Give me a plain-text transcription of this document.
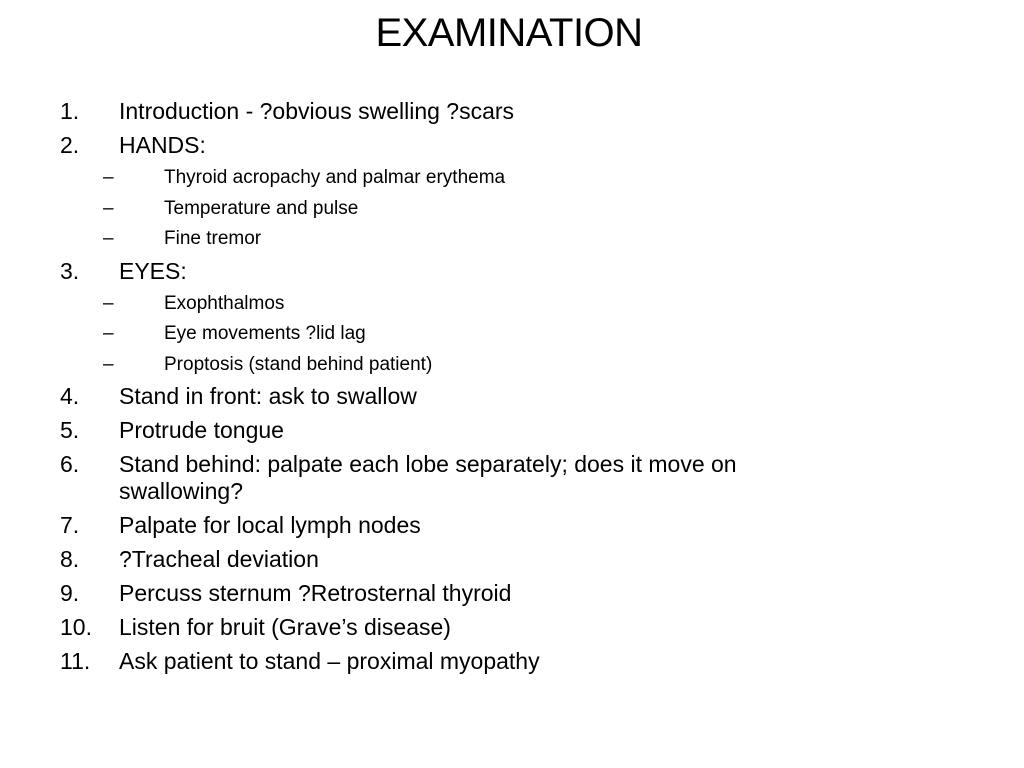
EXAMINATION
1.	Introduction - ?obvious swelling ?scars
2.	HANDS:
–	Thyroid acropachy and palmar erythema
–	Temperature and pulse
–	Fine tremor
3.	EYES:
–	Exophthalmos
–	Eye movements ?lid lag
–	Proptosis (stand behind patient)
4.	Stand in front: ask to swallow
5.	Protrude tongue
6.	Stand behind: palpate each lobe separately; does it move on swallowing?
7.	Palpate for local lymph nodes
8.	?Tracheal deviation
9.	Percuss sternum ?Retrosternal thyroid
10.	Listen for bruit (Grave’s disease)
11.	Ask patient to stand – proximal myopathy
